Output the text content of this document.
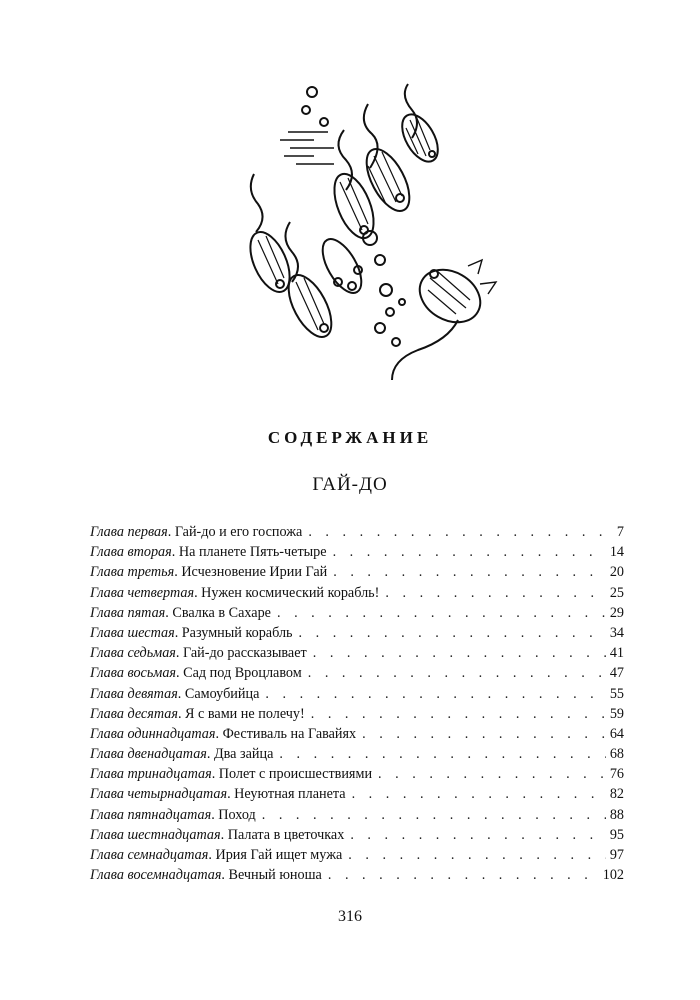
СОДЕРЖАНИЕ
ГАЙ-ДО
Глава первая . Гай-до и его госпожа . . .	7
Глава вторая . На планете Пять-четыре . . .	14
Глава третья . Исчезновение Ирии Гай . . .	20
Глава четвертая . Нужен космический корабль! . . .	25
Глава пятая . Свалка в Сахаре . . .	29
Глава шестая . Разумный корабль . . .	34
Глава седьмая . Гай-до рассказывает . . .	41
Глава восьмая . Сад под Вроцлавом . . .	47
Глава девятая . Самоубийца . . .	55
Глава десятая . Я с вами не полечу! . . .	59
Глава одиннадцатая . Фестиваль на Гавайях . . .	64
Глава двенадцатая . Два зайца . . .	68
Глава тринадцатая . Полет с происшествиями . . .	76
Глава четырнадцатая . Неуютная планета . . .	82
Глава пятнадцатая . Поход . . .	88
Глава шестнадцатая . Палата в цветочках . . .	95
Глава семнадцатая . Ирия Гай ищет мужа . . .	97
Глава восемнадцатая . Вечный юноша . . .	102
316
